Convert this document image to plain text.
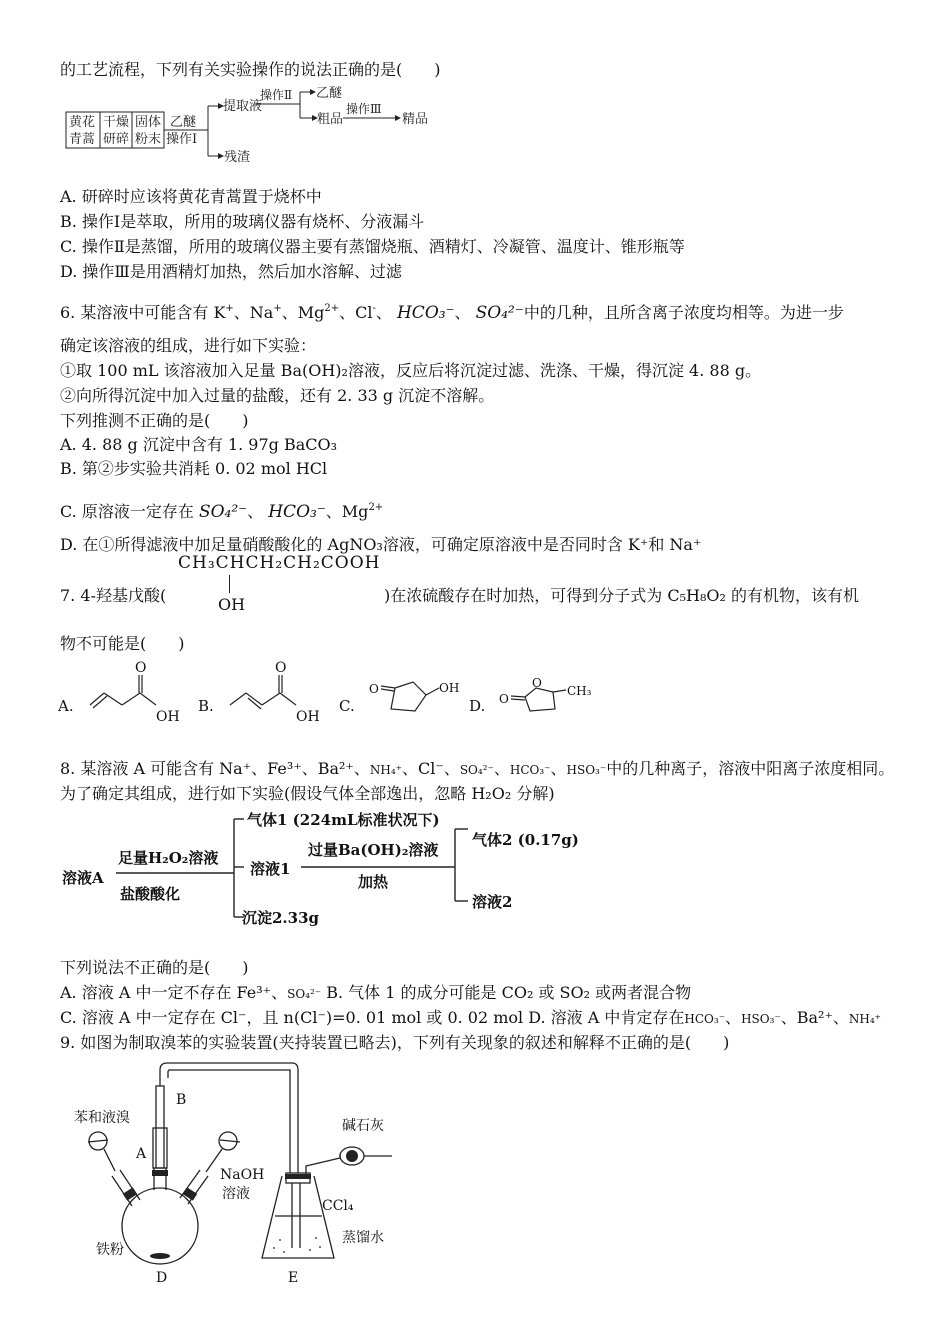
的工艺流程，下列有关实验操作的说法正确的是(　　)
黄花
青蒿
干燥
研碎
固体
粉末
乙醚
操作Ⅰ
提取液
操作Ⅱ 乙醚
粗品
操作Ⅲ
精品
残渣
A. 研碎时应该将黄花青蒿置于烧杯中
B. 操作Ⅰ是萃取，所用的玻璃仪器有烧杯、分液漏斗
C. 操作Ⅱ是蒸馏，所用的玻璃仪器主要有蒸馏烧瓶、酒精灯、冷凝管、温度计、锥形瓶等
D. 操作Ⅲ是用酒精灯加热，然后加水溶解、过滤
6. 某溶液中可能含有 K+、Na+、$Mg^{2+}$、Cl-、 HCO₃⁻、 SO₄²⁻中的几种，且所含离子浓度均相等。为进一步
确定该溶液的组成，进行如下实验：
①取 100 mL 该溶液加入足量 Ba(OH)₂溶液，反应后将沉淀过滤、洗涤、干燥，得沉淀 4. 88 g。
②向所得沉淀中加入过量的盐酸，还有 2. 33 g 沉淀不溶解。
下列推测不正确的是(　　)
A. 4. 88 g 沉淀中含有 1. 97g BaCO₃
B. 第②步实验共消耗 0. 02 mol HCl
C. 原溶液一定存在 SO₄²⁻、 HCO₃⁻、$Mg^{2+}$
D. 在①所得滤液中加足量硝酸酸化的 AgNO₃溶液，可确定原溶液中是否同时含 K⁺和 Na⁺
CH₃CHCH₂CH₂COOH
OH
7. 4-羟基戊酸(	)在浓硫酸存在时加热，可得到分子式为 C₅H₈O₂ 的有机物，该有机
物不可能是(　　)
A.	B.	C.	D.
O
OH
O
OH
O	OH
O
O
CH₃
8. 某溶液 A 可能含有 Na⁺、Fe³⁺、Ba²⁺、NH₄⁺、Cl⁻、SO₄²⁻、HCO₃⁻、HSO₃⁻中的几种离子，溶液中阳离子浓度相同。
为了确定其组成，进行如下实验(假设气体全部逸出，忽略 H₂O₂ 分解)
溶液A
足量H₂O₂溶液
盐酸酸化
气体1 (224mL标准状况下)
溶液1
过量Ba(OH)₂溶液
加热
气体2 (0.17g)
溶液2
沉淀2.33g
下列说法不正确的是(　　)
A. 溶液 A 中一定不存在 Fe³⁺、SO₄²⁻ B. 气体 1 的成分可能是 CO₂ 或 SO₂ 或两者混合物
C. 溶液 A 中一定存在 Cl⁻，且 n(Cl⁻)=0. 01 mol 或 0. 02 mol D. 溶液 A 中肯定存在HCO₃⁻、HSO₃⁻、Ba²⁺、NH₄⁺
9. 如图为制取溴苯的实验装置(夹持装置已略去)，下列有关现象的叙述和解释不正确的是(　　)
苯和液溴
B
A
NaOH
溶液
铁粉
D
碱石灰
CCl₄
蒸馏水
E
